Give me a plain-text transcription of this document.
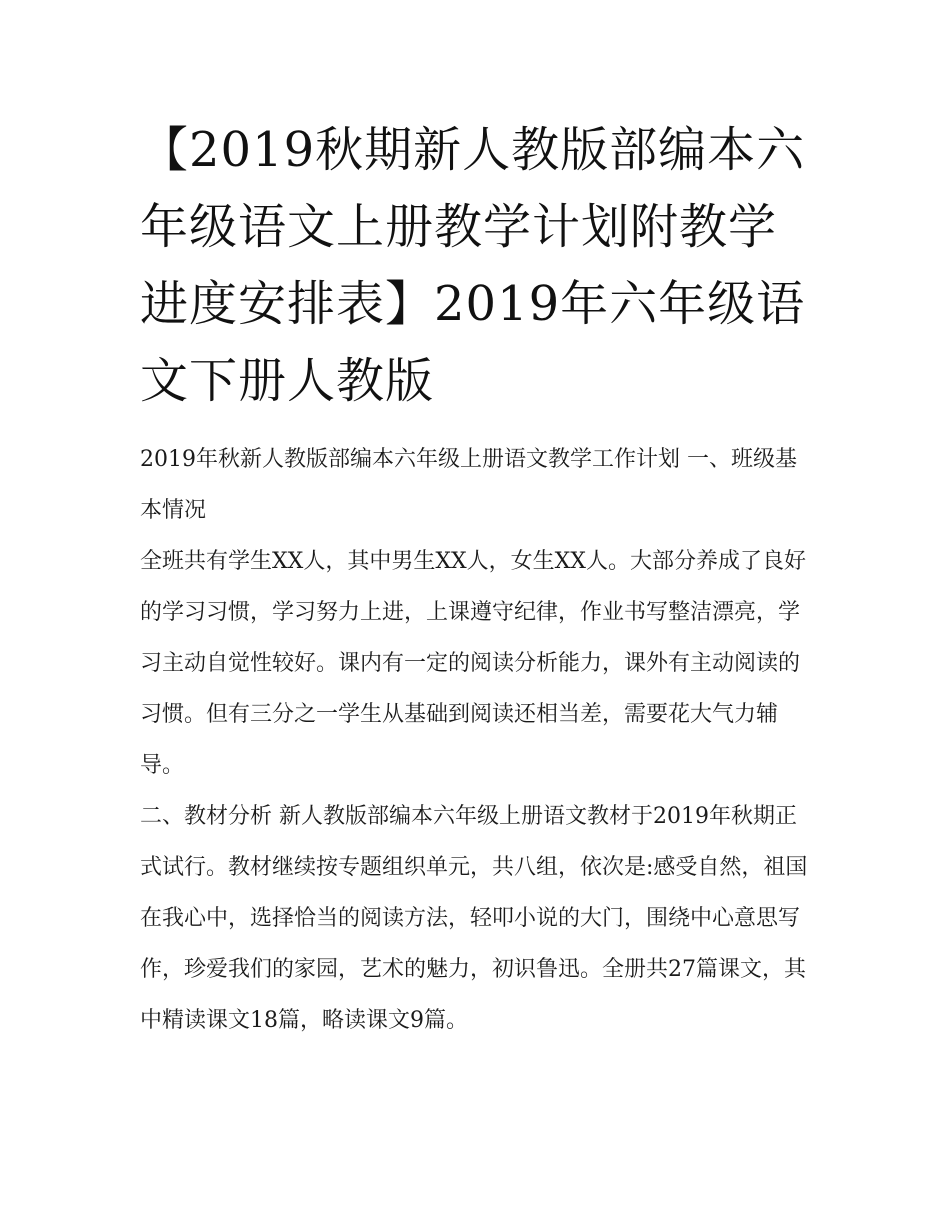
【2019秋期新人教版部编本六年级语文上册教学计划附教学进度安排表】2019年六年级语文下册人教版

2019年秋新人教版部编本六年级上册语文教学工作计划 一、班级基本情况

全班共有学生XX人，其中男生XX人，女生XX人。大部分养成了良好的学习习惯，学习努力上进，上课遵守纪律，作业书写整洁漂亮，学习主动自觉性较好。课内有一定的阅读分析能力，课外有主动阅读的习惯。但有三分之一学生从基础到阅读还相当差，需要花大气力辅导。

二、教材分析 新人教版部编本六年级上册语文教材于2019年秋期正式试行。教材继续按专题组织单元，共八组，依次是:感受自然，祖国在我心中，选择恰当的阅读方法，轻叩小说的大门，围绕中心意思写作，珍爱我们的家园，艺术的魅力，初识鲁迅。全册共27篇课文，其中精读课文18篇，略读课文9篇。
